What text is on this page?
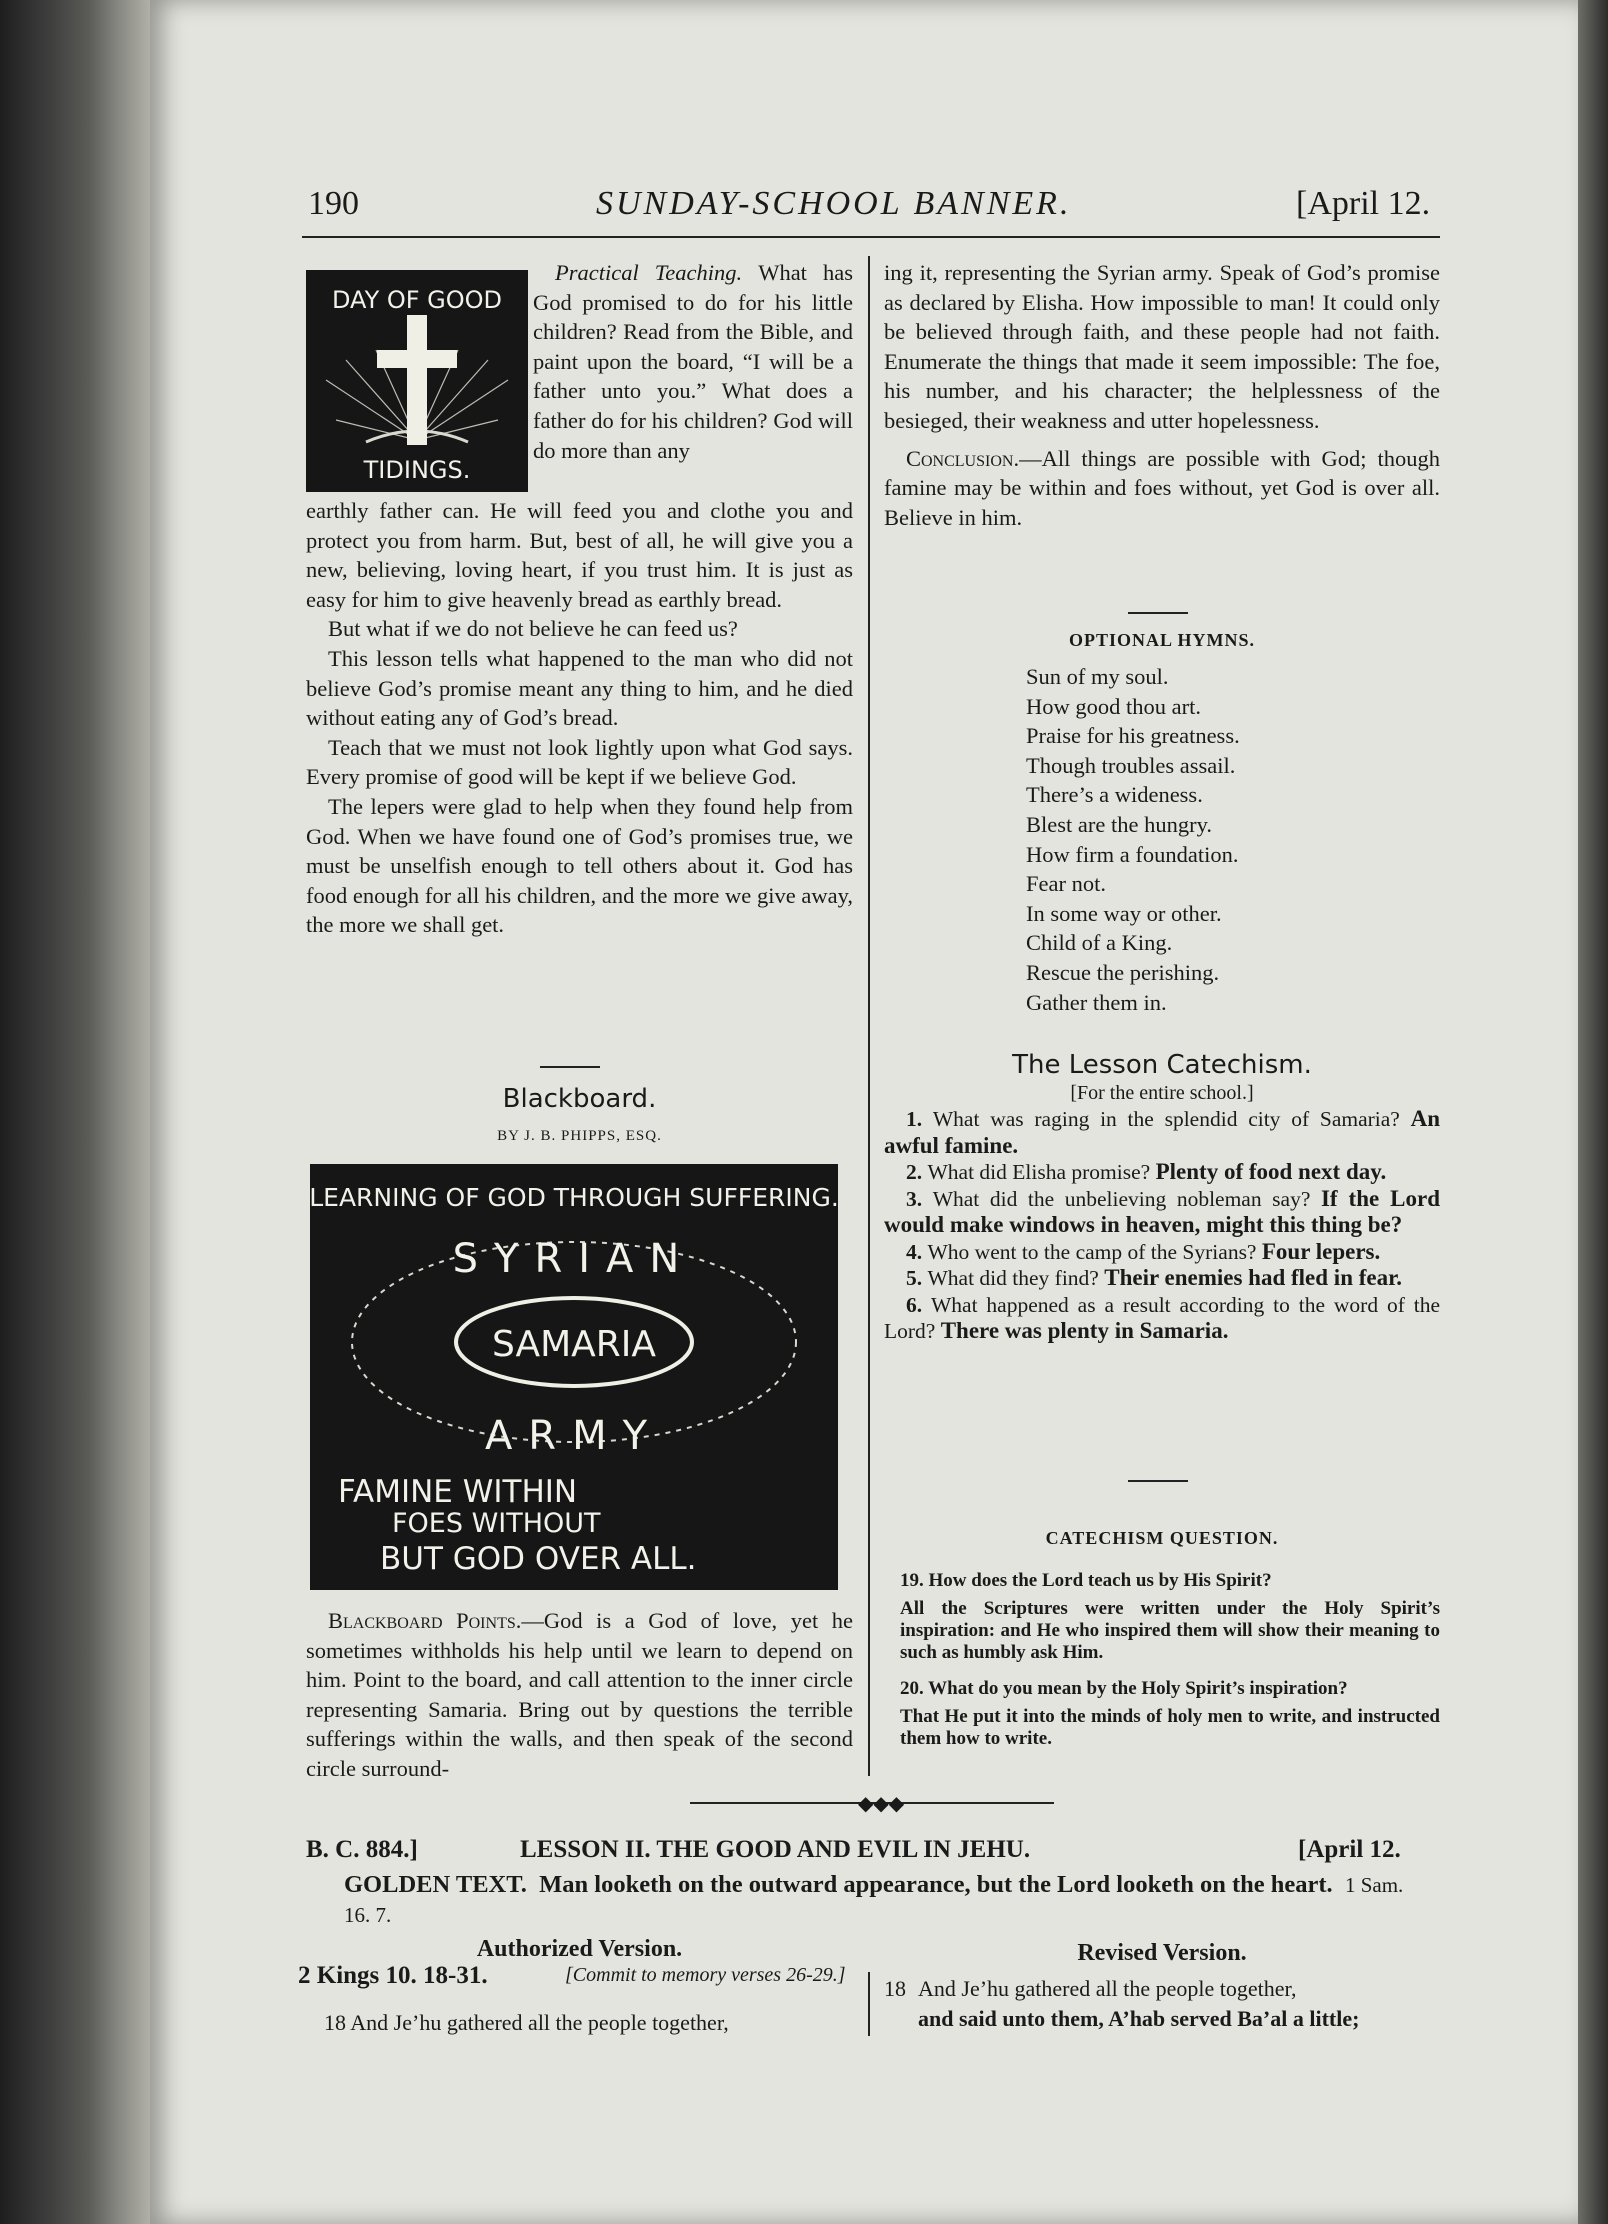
190	SUNDAY-SCHOOL BANNER.	[April 12.
DAY OF GOOD
TIDINGS.

Practical Teaching. What has God promised to do for his little children? Read from the Bible, and paint upon the board, “I will be a father unto you.” What does a father do for his children? God will do more than any

earthly father can. He will feed you and clothe you and protect you from harm. But, best of all, he will give you a new, believing, loving heart, if you trust him. It is just as easy for him to give heavenly bread as earthly bread.

But what if we do not believe he can feed us?

This lesson tells what happened to the man who did not believe God’s promise meant any thing to him, and he died without eating any of God’s bread.

Teach that we must not look lightly upon what God says. Every promise of good will be kept if we believe God.

The lepers were glad to help when they found help from God. When we have found one of God’s promises true, we must be unselfish enough to tell others about it. God has food enough for all his children, and the more we give away, the more we shall get.

Blackboard.
BY J. B. PHIPPS, ESQ.
LEARNING OF GOD THROUGH SUFFERING.
SYRIAN
SAMARIA
ARMY
FAMINE WITHIN
FOES WITHOUT
BUT GOD OVER ALL.

Blackboard Points.—God is a God of love, yet he sometimes withholds his help until we learn to depend on him. Point to the board, and call attention to the inner circle representing Samaria. Bring out by questions the terrible sufferings within the walls, and then speak of the second circle surround-

ing it, representing the Syrian army. Speak of God’s promise as declared by Elisha. How impossible to man! It could only be believed through faith, and these people had not faith. Enumerate the things that made it seem impossible: The foe, his number, and his character; the helplessness of the besieged, their weakness and utter hopelessness.

Conclusion.—All things are possible with God; though famine may be within and foes without, yet God is over all. Believe in him.

OPTIONAL HYMNS.
Sun of my soul.
How good thou art.
Praise for his greatness.
Though troubles assail.
There’s a wideness.
Blest are the hungry.
How firm a foundation.
Fear not.
In some way or other.
Child of a King.
Rescue the perishing.
Gather them in.
The Lesson Catechism.
[For the entire school.]

1. What was raging in the splendid city of Samaria? An awful famine.

2. What did Elisha promise? Plenty of food next day.

3. What did the unbelieving nobleman say? If the Lord would make windows in heaven, might this thing be?

4. Who went to the camp of the Syrians? Four lepers.

5. What did they find? Their enemies had fled in fear.

6. What happened as a result according to the word of the Lord? There was plenty in Samaria.

CATECHISM QUESTION.

19. How does the Lord teach us by His Spirit?

All the Scriptures were written under the Holy Spirit’s inspiration: and He who inspired them will show their meaning to such as humbly ask Him.

20. What do you mean by the Holy Spirit’s inspiration?

That He put it into the minds of holy men to write, and instructed them how to write.

◆◆◆
B. C. 884.]	LESSON II. THE GOOD AND EVIL IN JEHU.	[April 12.
GOLDEN TEXT. Man looketh on the outward appearance, but the Lord looketh on the heart. 1 Sam. 16. 7.
Authorized Version.
2 Kings 10. 18-31.	[Commit to memory verses 26-29.]
18 And Je’hu gathered all the people together,
Revised Version.
18 And Je’hu gathered all the people together,
and said unto them, A’hab served Ba’al a little;
